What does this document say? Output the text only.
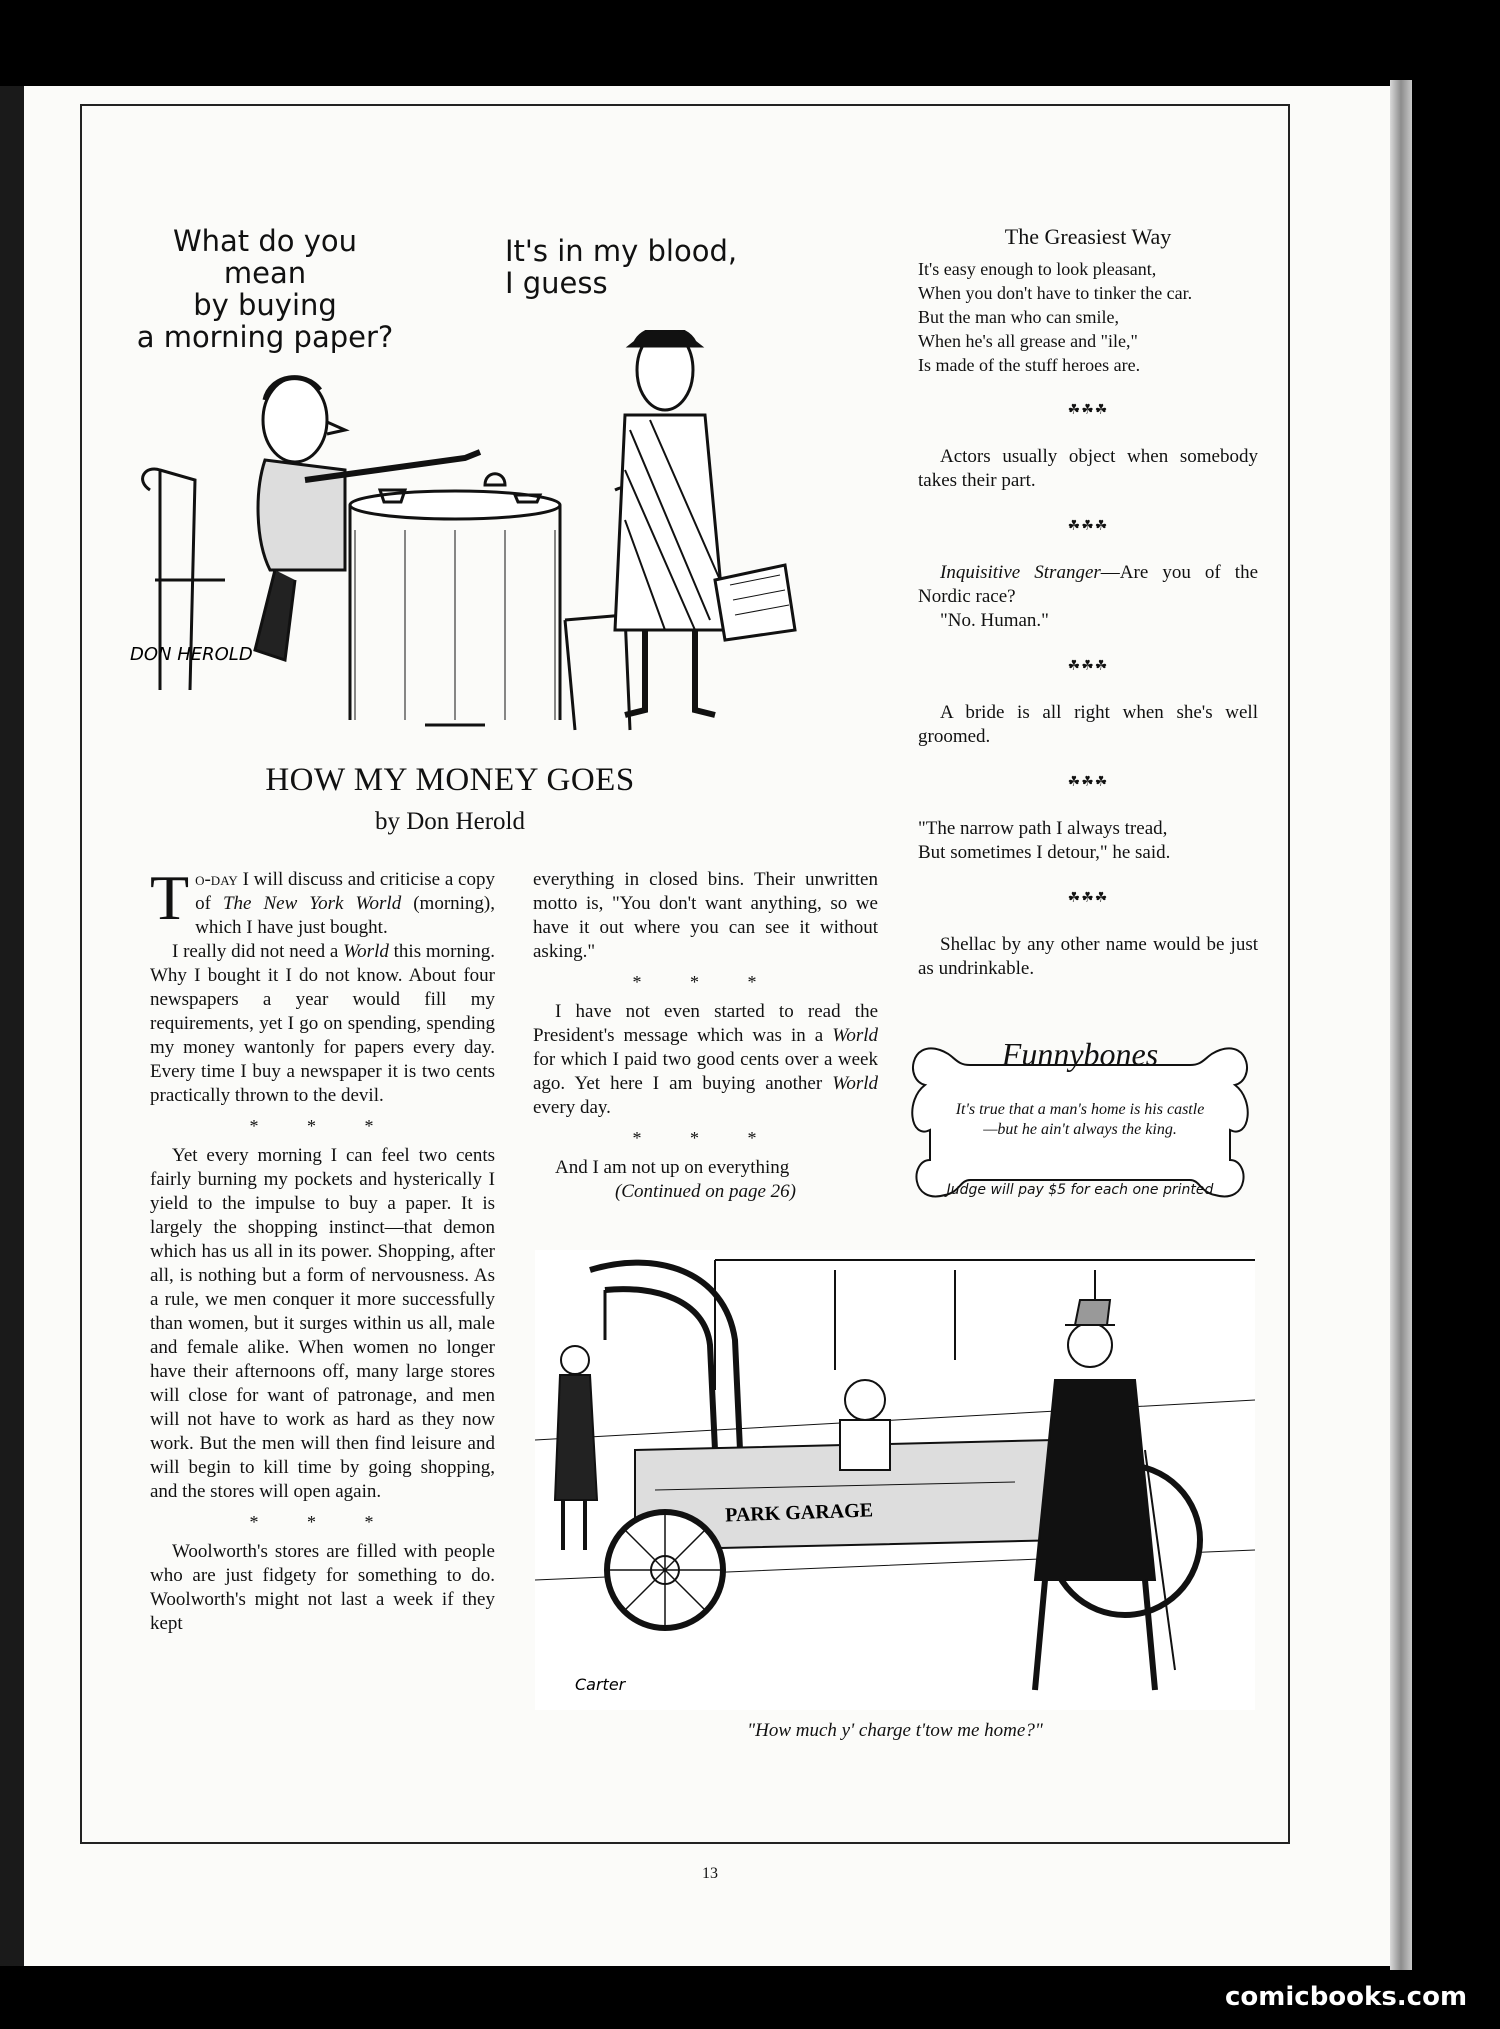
What do you mean
by buying
a morning paper?
It's in my blood,
I guess
DON HEROLD
HOW MY MONEY GOES
by Don Herold

To-day I will discuss and criticise a copy of The New York World (morning), which I have just bought.

I really did not need a World this morning. Why I bought it I do not know. About four newspapers a year would fill my requirements, yet I go on spending, spending my money wantonly for papers every day. Every time I buy a newspaper it is two cents practically thrown to the devil.

* * *

Yet every morning I can feel two cents fairly burning my pockets and hysterically I yield to the impulse to buy a paper. It is largely the shopping instinct—that demon which has us all in its power. Shopping, after all, is nothing but a form of nervousness. As a rule, we men conquer it more successfully than women, but it surges within us all, male and female alike. When women no longer have their afternoons off, many large stores will close for want of patronage, and men will not have to work as hard as they now work. But the men will then find leisure and will begin to kill time by going shopping, and the stores will open again.

* * *

Woolworth's stores are filled with people who are just fidgety for something to do. Woolworth's might not last a week if they kept

everything in closed bins. Their unwritten motto is, "You don't want anything, so we have it out where you can see it without asking."

* * *

I have not even started to read the President's message which was in a World for which I paid two good cents over a week ago. Yet here I am buying another World every day.

* * *

And I am not up on everything

(Continued on page 26)
The Greasiest Way
It's easy enough to look pleasant,
When you don't have to tinker the car.
But the man who can smile,
When he's all grease and "ile,"
Is made of the stuff heroes are.
☘☘☘

Actors usually object when somebody takes their part.

☘☘☘

Inquisitive Stranger—Are you of the Nordic race?

"No. Human."

☘☘☘

A bride is all right when she's well groomed.

☘☘☘
"The narrow path I always tread,
But sometimes I detour," he said.
☘☘☘

Shellac by any other name would be just as undrinkable.

Funnybones
It's true that a man's home is his castle—but he ain't always the king.
Judge will pay $5 for each one printed
PARK GARAGE
Carter
"How much y' charge t'tow me home?"
13
comicbooks.com
